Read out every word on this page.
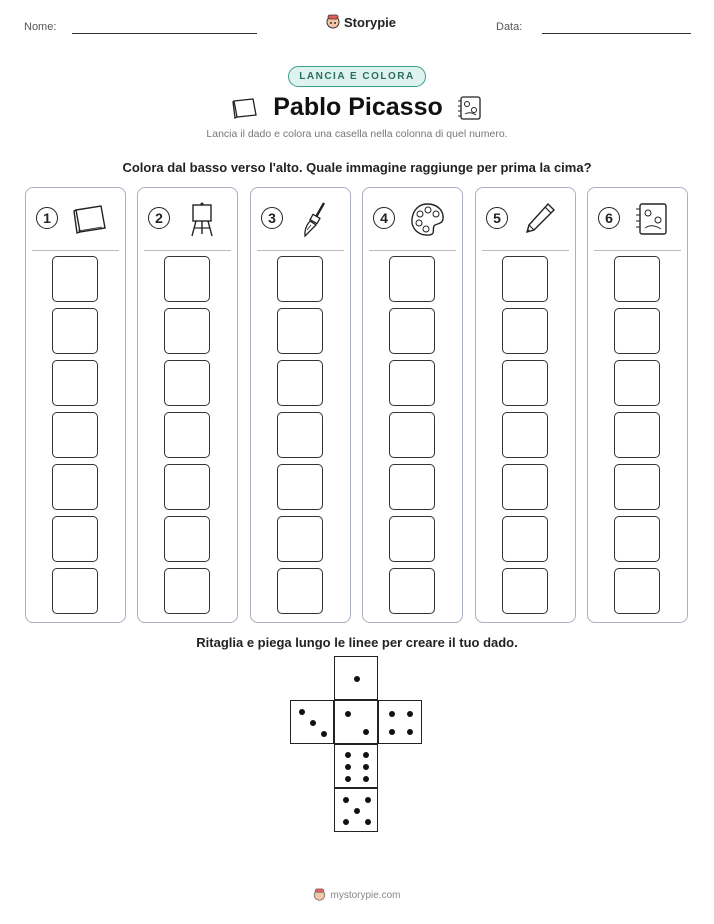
Nome:	Storypie	Data:
LANCIA E COLORA
Pablo Picasso
Lancia il dado e colora una casella nella colonna di quel numero.
Colora dal basso verso l'alto. Quale immagine raggiunge per prima la cima?
1	2	3	4	5	6
Ritaglia e piega lungo le linee per creare il tuo dado.
mystorypie.com
